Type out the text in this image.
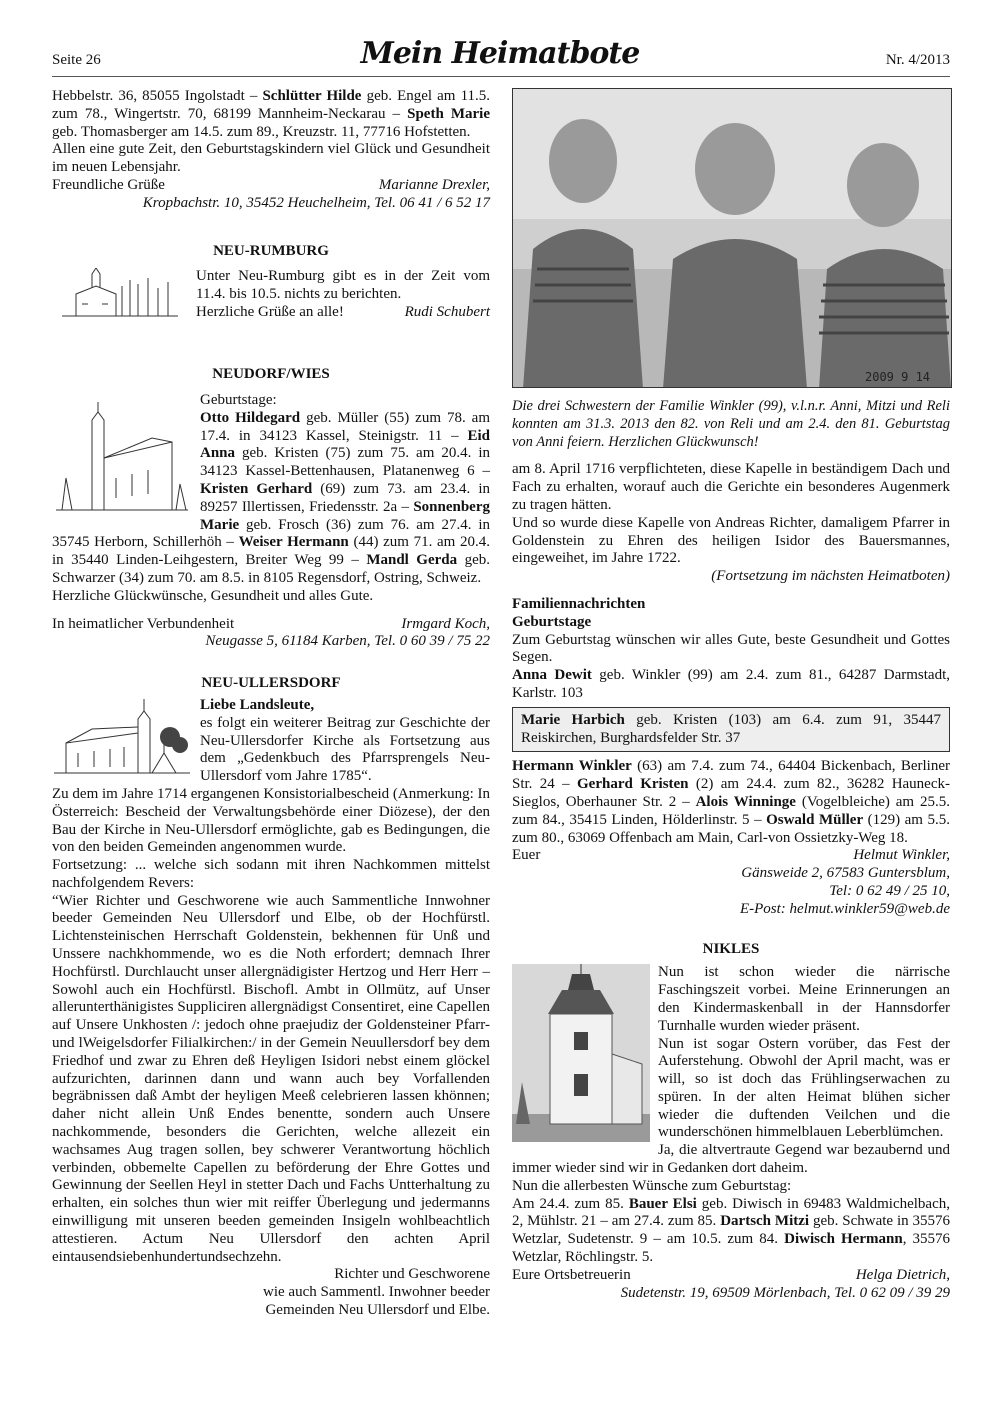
Seite 26	Mein Heimatbote	Nr. 4/2013

Hebbelstr. 36, 85055 Ingolstadt – Schlütter Hilde geb. Engel am 11.5. zum 78., Wingertstr. 70, 68199 Mannheim-Neckarau – Speth Marie geb. Thomasberger am 14.5. zum 89., Kreuzstr. 11, 77716 Hofstetten.

Allen eine gute Zeit, den Geburtstagskindern viel Glück und Gesundheit im neuen Lebensjahr.

Freundliche Grüße	Marianne Drexler,

Kropbachstr. 10, 35452 Heuchelheim, Tel. 06 41 / 6 52 17

NEU-RUMBURG

Unter Neu-Rumburg gibt es in der Zeit vom 11.4. bis 10.5. nichts zu berichten.

Herzliche Grüße an alle!	Rudi Schubert

NEUDORF/WIES

Geburtstage:

Otto Hildegard geb. Müller (55) zum 78. am 17.4. in 34123 Kassel, Steinigstr. 11 – Eid Anna geb. Kristen (75) zum 75. am 20.4. in 34123 Kassel-Bettenhausen, Platanenweg 6 – Kristen Gerhard (69) zum 73. am 23.4. in 89257 Illertissen, Friedensstr. 2a – Sonnenberg Marie geb. Frosch (36) zum 76. am 27.4. in 35745 Herborn, Schillerhöh – Weiser Hermann (44) zum 71. am 20.4. in 35440 Linden-Leihgestern, Breiter Weg 99 – Mandl Gerda geb. Schwarzer (34) zum 70. am 8.5. in 8105 Regensdorf, Ostring, Schweiz.

Herzliche Glückwünsche, Gesundheit und alles Gute.

In heimatlicher Verbundenheit	Irmgard Koch,

Neugasse 5, 61184 Karben, Tel. 0 60 39 / 75 22

NEU-ULLERSDORF

Liebe Landsleute,

es folgt ein weiterer Beitrag zur Geschichte der Neu-Ullersdorfer Kirche als Fortsetzung aus dem „Gedenkbuch des Pfarrsprengels Neu-Ullersdorf vom Jahre 1785“.

Zu dem im Jahre 1714 ergangenen Konsistorialbescheid (Anmerkung: In Österreich: Bescheid der Verwaltungsbehörde einer Diözese), der den Bau der Kirche in Neu-Ullersdorf ermöglichte, gab es Bedingungen, die von den beiden Gemeinden angenommen wurde.

Fortsetzung: ... welche sich sodann mit ihren Nachkommen mittelst nachfolgendem Revers:

“Wier Richter und Geschworene wie auch Sammentliche Innwohner beeder Gemeinden Neu Ullersdorf und Elbe, ob der Hochfürstl. Lichtensteinischen Herrschaft Goldenstein, bekhennen für Unß und Unssere nachkhommende, wo es die Noth erfordert; demnach Ihrer Hochfürstl. Durchlaucht unser allergnädigister Hertzog und Herr Herr – Sowohl auch ein Hochfürstl. Bischofl. Ambt in Ollmütz, auf Unser allerunterthänigistes Suppliciren allergnädigst Consentiret, eine Capellen auf Unsere Unkhosten /: jedoch ohne praejudiz der Goldensteiner Pfarr- und lWeigelsdorfer Filialkirchen:/ in der Gemein Neuullersdorf bey dem Friedhof und zwar zu Ehren deß Heyligen Isidori nebst einem glöckel aufzurichten, darinnen dann und wann auch bey Vorfallenden begräbnissen daß Ambt der heyligen Meeß celebrieren lassen khönnen; daher nicht allein Unß Endes benentte, sondern auch Unsere nachkommende, besonders die Gerichten, welche allezeit ein wachsames Aug tragen sollen, bey schwerer Verantwortung höchlich verbinden, obbemelte Capellen zu beförderung der Ehre Gottes und Gewinnung der Seellen Heyl in stetter Dach und Fachs Untterhaltung zu erhalten, ein solches thun wier mit reiffer Überlegung und jedermanns einwilligung mit unseren beeden gemeinden Insigeln wohlbeachtlich attestieren. Actum Neu Ullersdorf den achten April eintausendsiebenhundertundsechzehn.

Richter und Geschworene

wie auch Sammentl. Inwohner beeder

Gemeinden Neu Ullersdorf und Elbe.

2009 9 14

Die drei Schwestern der Familie Winkler (99), v.l.n.r. Anni, Mitzi und Reli konnten am 31.3. 2013 den 82. von Reli und am 2.4. den 81. Geburtstag von Anni feiern. Herzlichen Glückwunsch!

am 8. April 1716 verpflichteten, diese Kapelle in beständigem Dach und Fach zu erhalten, worauf auch die Gerichte ein besonderes Augenmerk zu tragen hätten.

Und so wurde diese Kapelle von Andreas Richter, damaligem Pfarrer in Goldenstein zu Ehren des heiligen Isidor des Bauersmannes, eingeweihet, im Jahre 1722.

(Fortsetzung im nächsten Heimatboten)

Familiennachrichten

Geburtstage

Zum Geburtstag wünschen wir alles Gute, beste Gesundheit und Gottes Segen.

Anna Dewit geb. Winkler (99) am 2.4. zum 81., 64287 Darmstadt, Karlstr. 103

Marie Harbich geb. Kristen (103) am 6.4. zum 91, 35447 Reiskirchen, Burghardsfelder Str. 37

Hermann Winkler (63) am 7.4. zum 74., 64404 Bickenbach, Berliner Str. 24 – Gerhard Kristen (2) am 24.4. zum 82., 36282 Hauneck-Sieglos, Oberhauner Str. 2 – Alois Winninge (Vogelbleiche) am 25.5. zum 84., 35415 Linden, Hölderlinstr. 5 – Oswald Müller (129) am 5.5. zum 80., 63069 Offenbach am Main, Carl-von Ossietzky-Weg 18.

Euer	Helmut Winkler,

Gänsweide 2, 67583 Guntersblum,

Tel: 0 62 49 / 25 10,

E-Post: helmut.winkler59@web.de

NIKLES

Nun ist schon wieder die närrische Faschingszeit vorbei. Meine Erinnerungen an den Kindermaskenball in der Hannsdorfer Turnhalle wurden wieder präsent.

Nun ist sogar Ostern vorüber, das Fest der Auferstehung. Obwohl der April macht, was er will, so ist doch das Frühlingserwachen zu spüren. In der alten Heimat blühen sicher wieder die duftenden Veilchen und die wunderschönen himmelblauen Leberblümchen.

Ja, die altvertraute Gegend war bezaubernd und immer wieder sind wir in Gedanken dort daheim.

Nun die allerbesten Wünsche zum Geburtstag:

Am 24.4. zum 85. Bauer Elsi geb. Diwisch in 69483 Waldmichelbach, 2, Mühlstr. 21 – am 27.4. zum 85. Dartsch Mitzi geb. Schwate in 35576 Wetzlar, Sudetenstr. 9 – am 10.5. zum 84. Diwisch Hermann, 35576 Wetzlar, Röchlingstr. 5.

Eure Ortsbetreuerin	Helga Dietrich,

Sudetenstr. 19, 69509 Mörlenbach, Tel. 0 62 09 / 39 29
